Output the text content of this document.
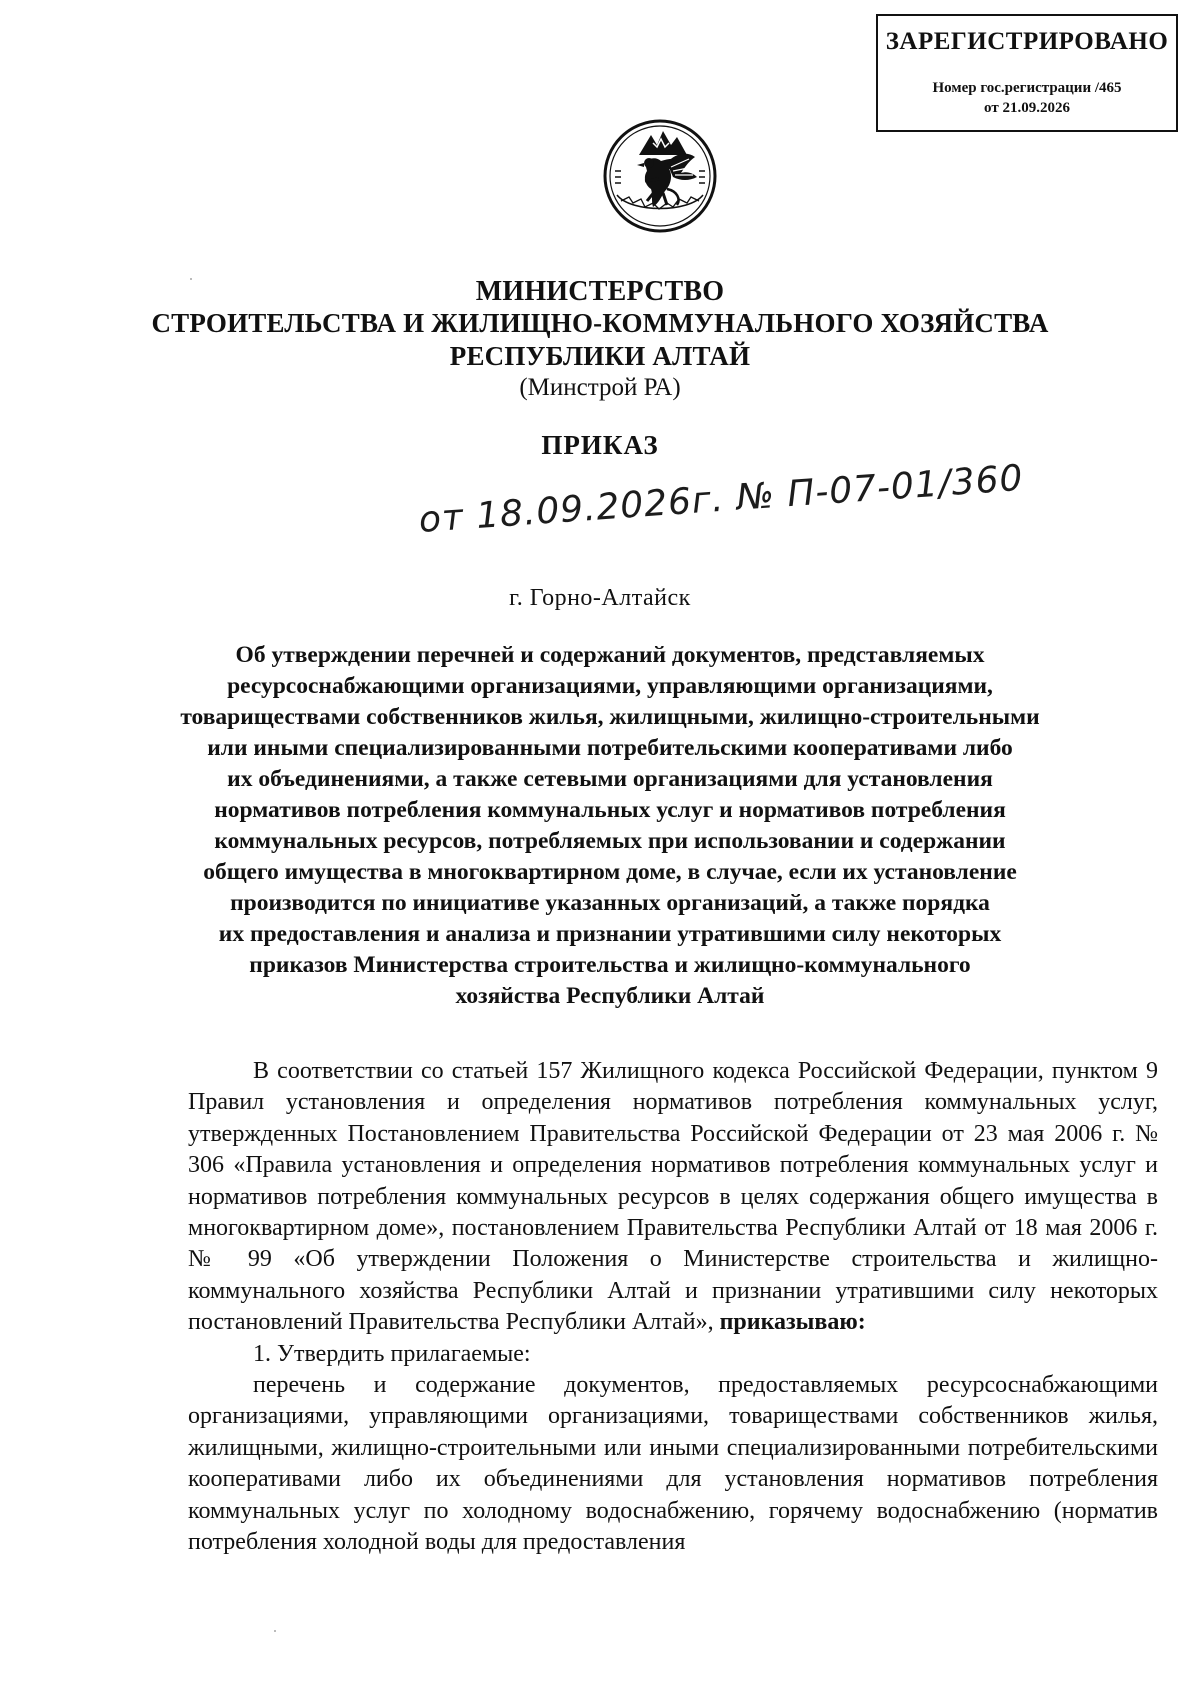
ЗАРЕГИСТРИРОВАНО
Номер гос.регистрации /465
от 21.09.2026
МИНИСТЕРСТВО
СТРОИТЕЛЬСТВА И ЖИЛИЩНО-КОММУНАЛЬНОГО ХОЗЯЙСТВА
РЕСПУБЛИКИ АЛТАЙ
(Минстрой РА)
ПРИКАЗ
от 18.09.2026г. № П-07-01/360
г. Горно-Алтайск
Об утверждении перечней и содержаний документов, представляемых
ресурсоснабжающими организациями, управляющими организациями,
товариществами собственников жилья, жилищными, жилищно-строительными
или иными специализированными потребительскими кооперативами либо
их объединениями, а также сетевыми организациями для установления
нормативов потребления коммунальных услуг и нормативов потребления
коммунальных ресурсов, потребляемых при использовании и содержании
общего имущества в многоквартирном доме, в случае, если их установление
производится по инициативе указанных организаций, а также порядка
их предоставления и анализа и признании утратившими силу некоторых
приказов Министерства строительства и жилищно-коммунального
хозяйства Республики Алтай

В соответствии со статьей 157 Жилищного кодекса Российской Федерации, пунктом 9 Правил установления и определения нормативов потребления коммунальных услуг, утвержденных Постановлением Правительства Российской Федерации от 23 мая 2006 г. № 306 «Правила установления и определения нормативов потребления коммунальных услуг и нормативов потребления коммунальных ресурсов в целях содержания общего имущества в многоквартирном доме», постановлением Правительства Республики Алтай от 18 мая 2006 г. № 99 «Об утверждении Положения о Министерстве строительства и жилищно-коммунального хозяйства Республики Алтай и признании утратившими силу некоторых постановлений Правительства Республики Алтай», приказываю:

1. Утвердить прилагаемые:

перечень и содержание документов, предоставляемых ресурсоснабжающими организациями, управляющими организациями, товариществами собственников жилья, жилищными, жилищно-строительными или иными специализированными потребительскими кооперативами либо их объединениями для установления нормативов потребления коммунальных услуг по холодному водоснабжению, горячему водоснабжению (норматив потребления холодной воды для предоставления
